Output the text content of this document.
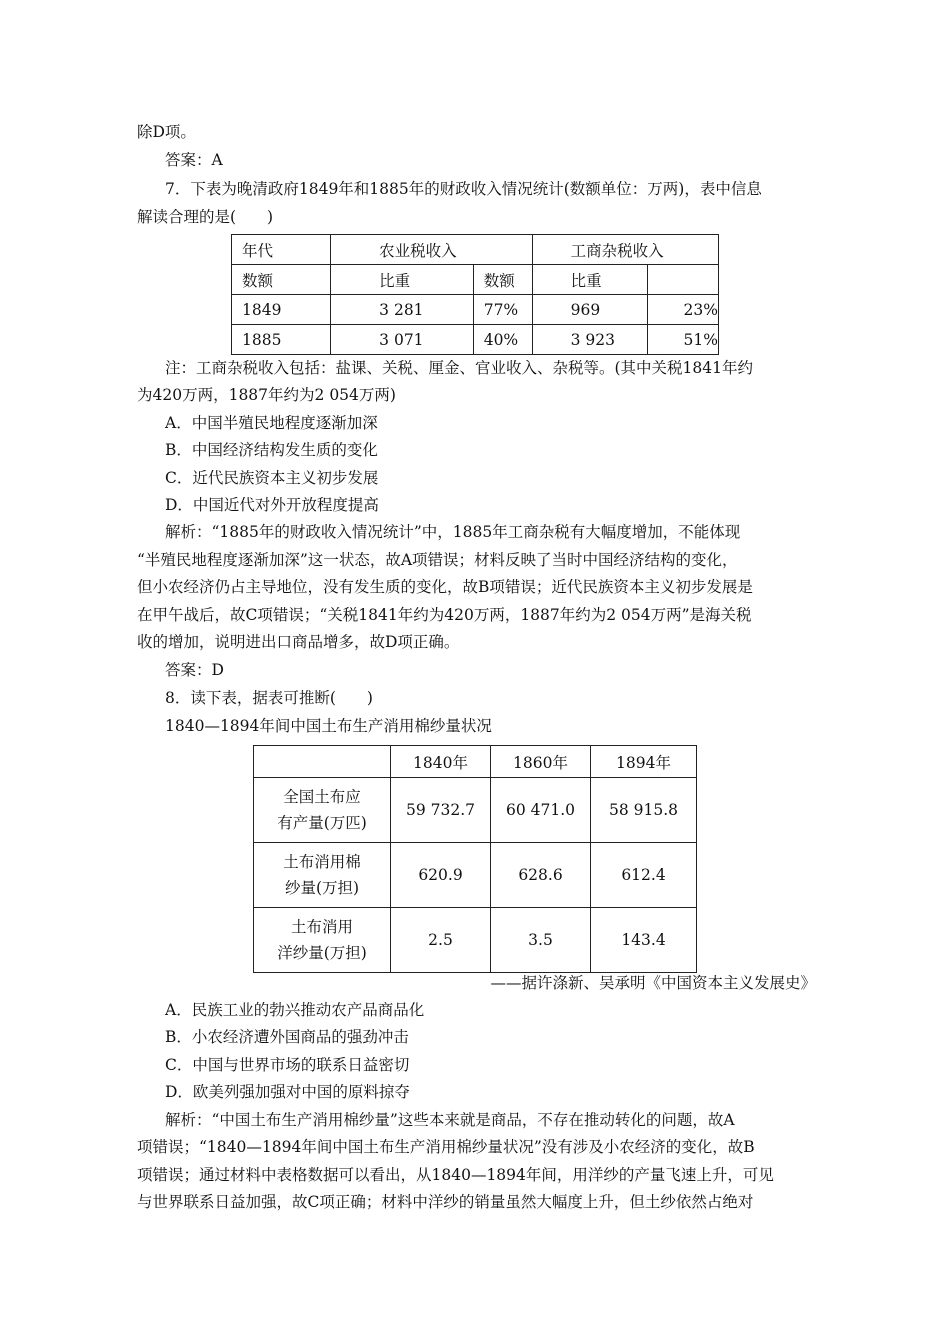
除D项。
答案：A
7．下表为晚清政府1849年和1885年的财政收入情况统计(数额单位：万两)，表中信息
解读合理的是(　　)
年代	农业税收入		工商杂税收入	
数额	比重	数额	比重	
1849	3 281	77%	969	23%
1885	3 071	40%	3 923	51%
注：工商杂税收入包括：盐课、关税、厘金、官业收入、杂税等。(其中关税1841年约
为420万两，1887年约为2 054万两)
A．中国半殖民地程度逐渐加深
B．中国经济结构发生质的变化
C．近代民族资本主义初步发展
D．中国近代对外开放程度提高
解析：“1885年的财政收入情况统计”中，1885年工商杂税有大幅度增加，不能体现
“半殖民地程度逐渐加深”这一状态，故A项错误；材料反映了当时中国经济结构的变化，
但小农经济仍占主导地位，没有发生质的变化，故B项错误；近代民族资本主义初步发展是
在甲午战后，故C项错误；“关税1841年约为420万两，1887年约为2 054万两”是海关税
收的增加，说明进出口商品增多，故D项正确。
答案：D
8．读下表，据表可推断(　　)
1840—1894年间中国土布生产消用棉纱量状况
	1840年	1860年	1894年

全国土布应
有产量(万匹)	59 732.7	60 471.0	58 915.8

土布消用棉
纱量(万担)	620.9	628.6	612.4

土布消用
洋纱量(万担)	2.5	3.5	143.4
——据许涤新、吴承明《中国资本主义发展史》
A．民族工业的勃兴推动农产品商品化
B．小农经济遭外国商品的强劲冲击
C．中国与世界市场的联系日益密切
D．欧美列强加强对中国的原料掠夺
解析：“中国土布生产消用棉纱量”这些本来就是商品，不存在推动转化的问题，故A
项错误；“1840—1894年间中国土布生产消用棉纱量状况”没有涉及小农经济的变化，故B
项错误；通过材料中表格数据可以看出，从1840—1894年间，用洋纱的产量飞速上升，可见
与世界联系日益加强，故C项正确；材料中洋纱的销量虽然大幅度上升，但土纱依然占绝对
